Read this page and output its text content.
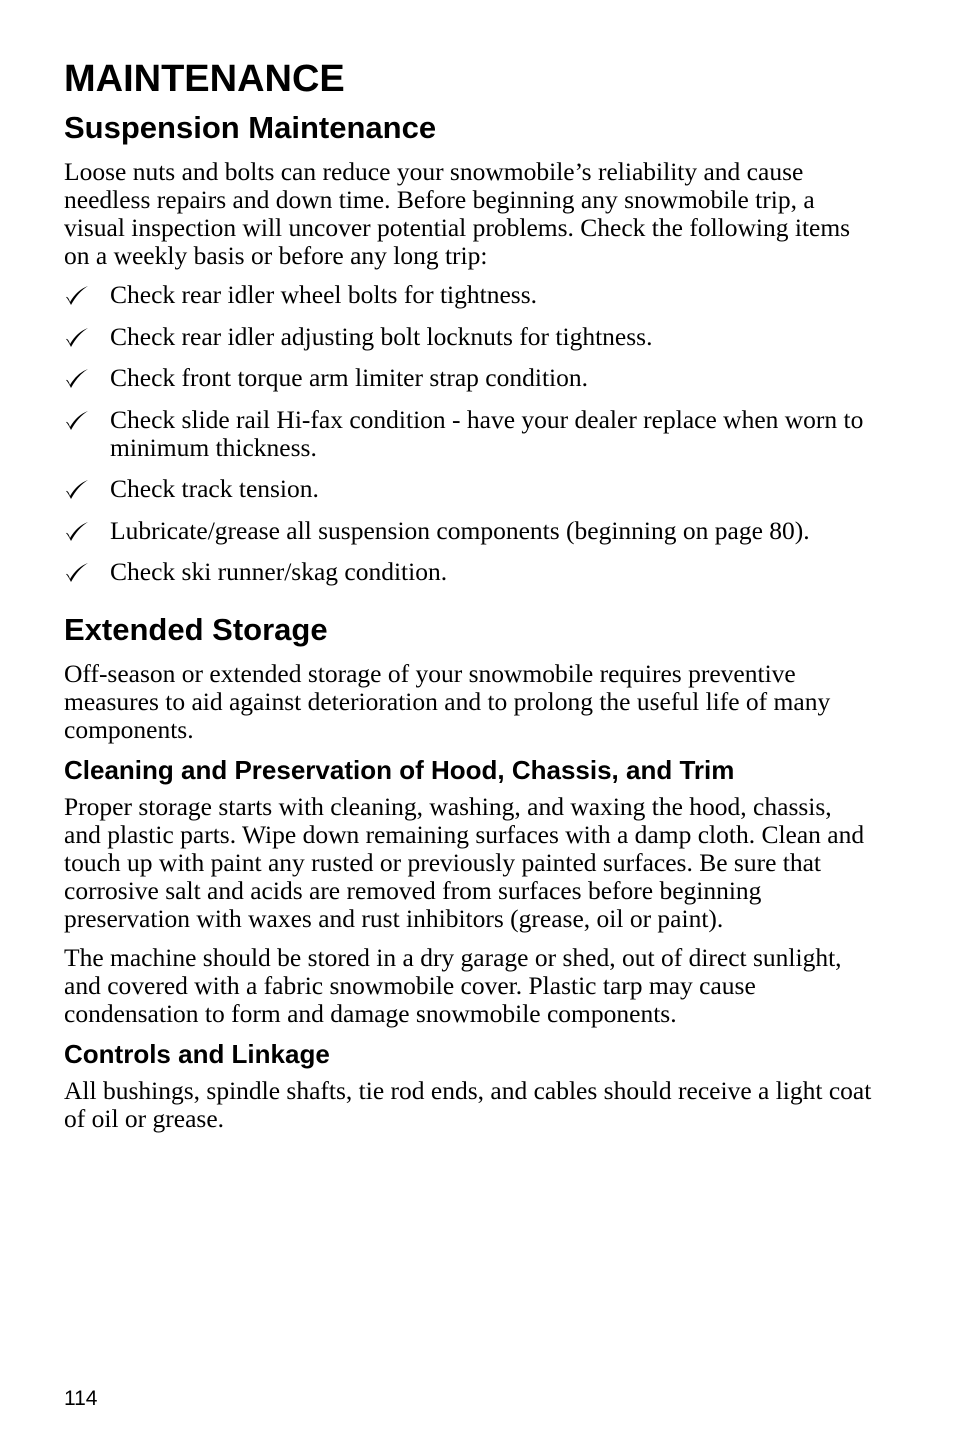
MAINTENANCE
Suspension Maintenance

Loose nuts and bolts can reduce your snowmobile’s reliability and cause needless repairs and down time. Before beginning any snowmobile trip, a visual inspection will uncover potential problems. Check the following items on a weekly basis or before any long trip:

Check rear idler wheel bolts for tightness.
Check rear idler adjusting bolt locknuts for tightness.
Check front torque arm limiter strap condition.
Check slide rail Hi-fax condition - have your dealer replace when worn to minimum thickness.
Check track tension.
Lubricate/grease all suspension components (beginning on page 80).
Check ski runner/skag condition.
Extended Storage

Off-season or extended storage of your snowmobile requires preventive measures to aid against deterioration and to prolong the useful life of many components.

Cleaning and Preservation of Hood, Chassis, and Trim

Proper storage starts with cleaning, washing, and waxing the hood, chassis, and plastic parts. Wipe down remaining surfaces with a damp cloth. Clean and touch up with paint any rusted or previously painted surfaces. Be sure that corrosive salt and acids are removed from surfaces before beginning preservation with waxes and rust inhibitors (grease, oil or paint).

The machine should be stored in a dry garage or shed, out of direct sunlight, and covered with a fabric snowmobile cover. Plastic tarp may cause condensation to form and damage snowmobile components.

Controls and Linkage

All bushings, spindle shafts, tie rod ends, and cables should receive a light coat of oil or grease.

114
